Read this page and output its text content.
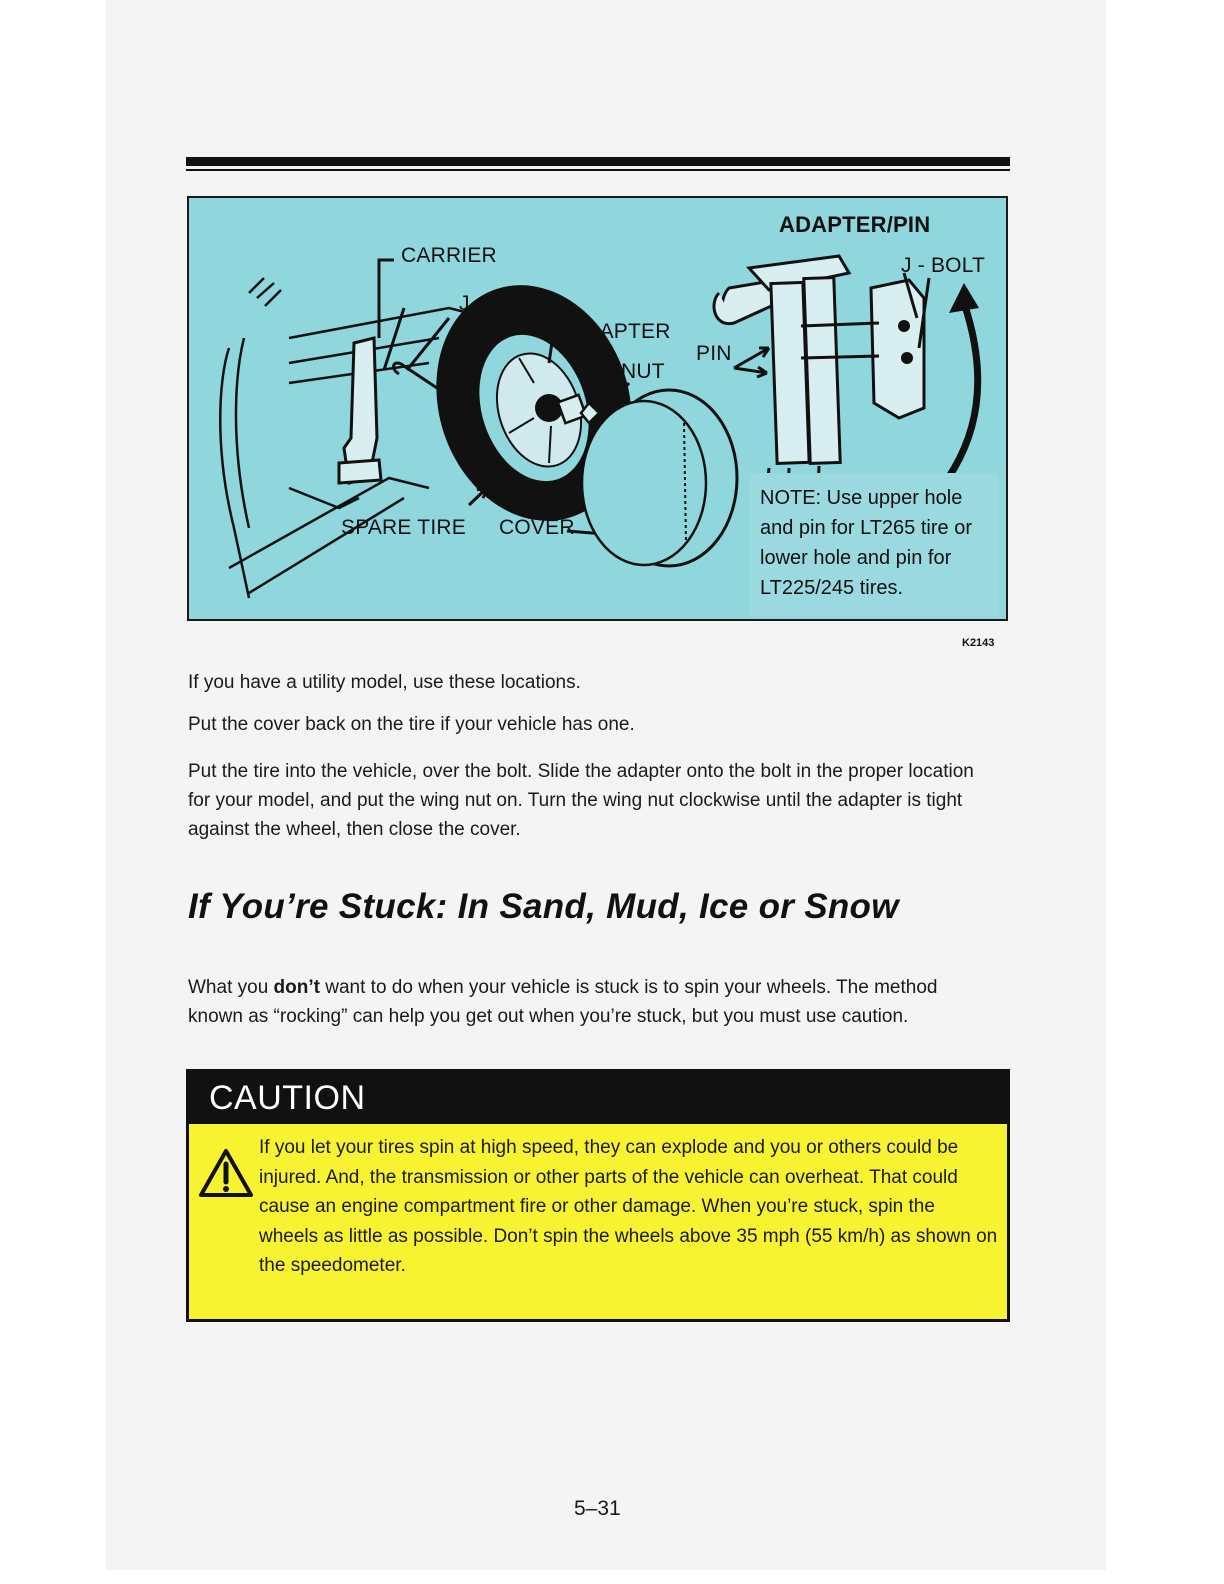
ADAPTER/PIN
CARRIER	J - BOLT
J - BOLT
ADAPTER
PIN
NUT
SPARE TIRE COVER
NOTE: Use upper hole and pin for LT265 tire or lower hole and pin for LT225/245 tires.
K2143
If you have a utility model, use these locations.
Put the cover back on the tire if your vehicle has one.
Put the tire into the vehicle, over the bolt. Slide the adapter onto the bolt in the proper location for your model, and put the wing nut on. Turn the wing nut clockwise until the adapter is tight against the wheel, then close the cover.
If You’re Stuck: In Sand, Mud, Ice or Snow
What you don’t want to do when your vehicle is stuck is to spin your wheels. The method known as “rocking” can help you get out when you’re stuck, but you must use caution.
CAUTION
If you let your tires spin at high speed, they can explode and you or others could be injured. And, the transmission or other parts of the vehicle can overheat. That could cause an engine compartment fire or other damage. When you’re stuck, spin the wheels as little as possible. Don’t spin the wheels above 35 mph (55 km/h) as shown on the speedometer.
5–31
